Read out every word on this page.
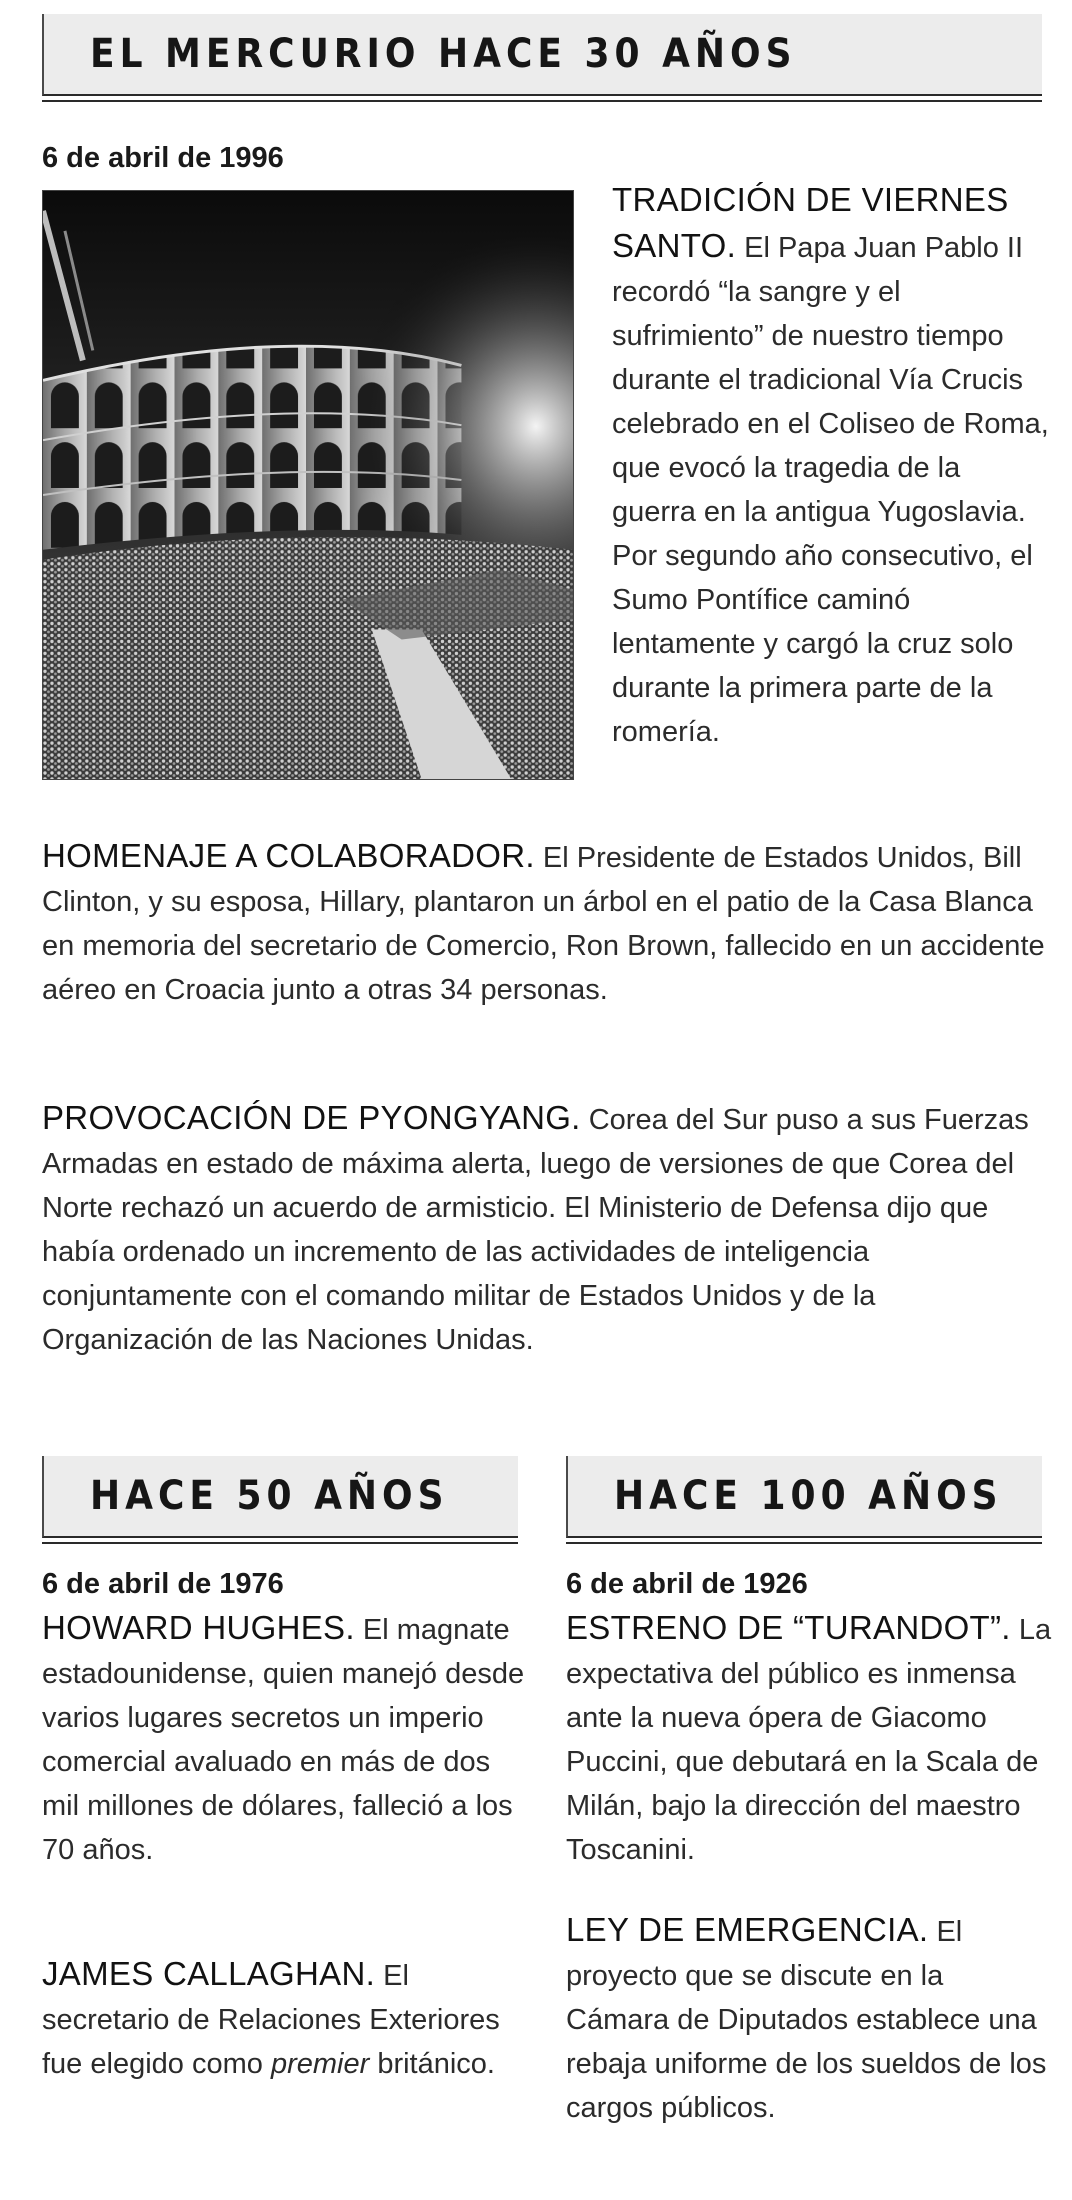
EL MERCURIO HACE 30 AÑOS
6 de abril de 1996
TRADICIÓN DE VIERNES SANTO. El Papa Juan Pablo II recordó “la sangre y el sufrimiento” de nuestro tiempo durante el tradicional Vía Crucis celebrado en el Coliseo de Roma, que evocó la tragedia de la guerra en la antigua Yugoslavia. Por segundo año consecutivo, el Sumo Pontífice caminó lentamente y cargó la cruz solo durante la primera parte de la romería.
HOMENAJE A COLABORADOR. El Presidente de Estados Unidos, Bill Clinton, y su esposa, Hillary, plantaron un árbol en el patio de la Casa Blanca en memoria del secretario de Comercio, Ron Brown, fallecido en un accidente aéreo en Croacia junto a otras 34 personas.
PROVOCACIÓN DE PYONGYANG. Corea del Sur puso a sus Fuerzas Armadas en estado de máxima alerta, luego de versiones de que Corea del Norte rechazó un acuerdo de armisticio. El Ministerio de Defensa dijo que había ordenado un incremento de las actividades de inteligencia conjuntamente con el comando militar de Estados Unidos y de la Organización de las Naciones Unidas.
HACE 50 AÑOS
6 de abril de 1976
HOWARD HUGHES. El magnate estadounidense, quien manejó desde varios lugares secretos un imperio comercial avaluado en más de dos mil millones de dólares, falleció a los 70 años.
JAMES CALLAGHAN. El secretario de Relaciones Exteriores fue elegido como premier británico.
HACE 100 AÑOS
6 de abril de 1926
ESTRENO DE “TURANDOT”. La expectativa del público es inmensa ante la nueva ópera de Giacomo Puccini, que debutará en la Scala de Milán, bajo la dirección del maestro Toscanini.
LEY DE EMERGENCIA. El proyecto que se discute en la Cámara de Diputados establece una rebaja uniforme de los sueldos de los cargos públicos.
